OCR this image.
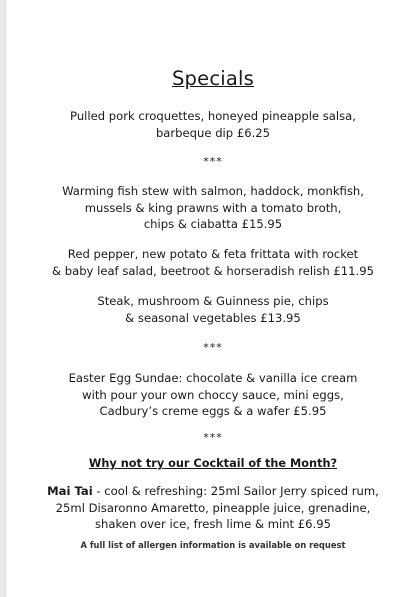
Specials
Pulled pork croquettes, honeyed pineapple salsa,
barbeque dip £6.25
***
Warming fish stew with salmon, haddock, monkfish,
mussels & king prawns with a tomato broth,
chips & ciabatta £15.95
Red pepper, new potato & feta frittata with rocket
& baby leaf salad, beetroot & horseradish relish £11.95
Steak, mushroom & Guinness pie, chips
& seasonal vegetables £13.95
***
Easter Egg Sundae: chocolate & vanilla ice cream
with pour your own choccy sauce, mini eggs,
Cadbury’s creme eggs & a wafer £5.95
***
Why not try our Cocktail of the Month?
Mai Tai - cool & refreshing: 25ml Sailor Jerry spiced rum,
25ml Disaronno Amaretto, pineapple juice, grenadine,
shaken over ice, fresh lime & mint £6.95
A full list of allergen information is available on request
